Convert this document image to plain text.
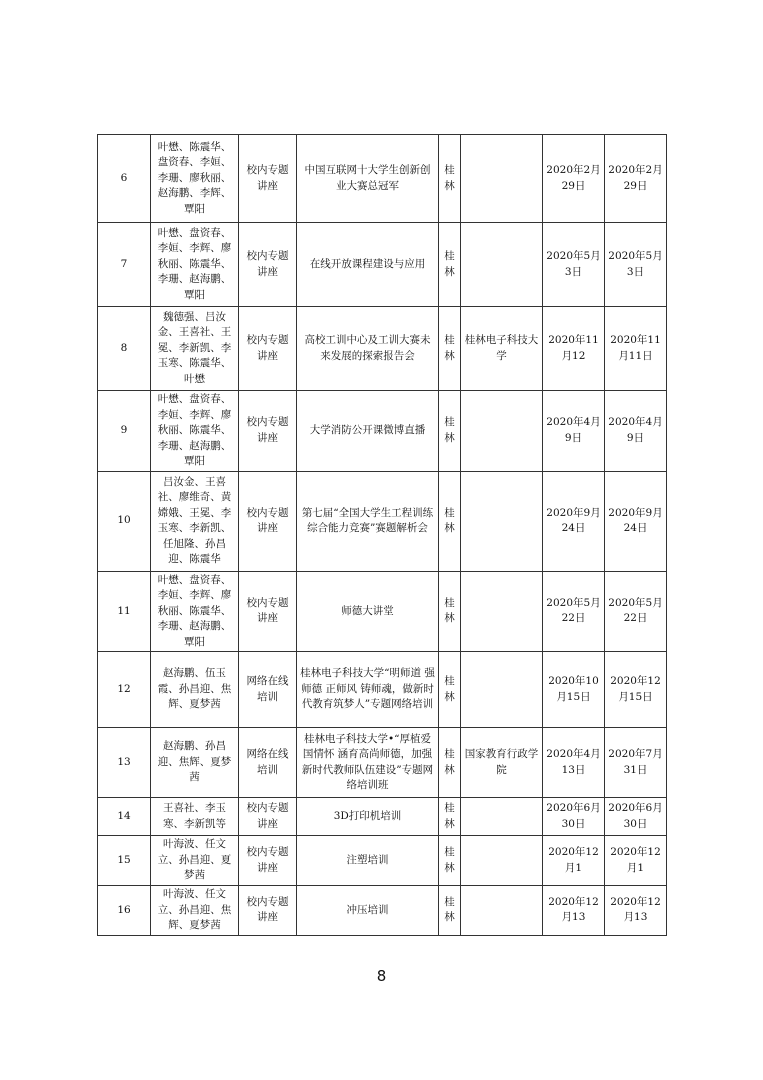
6	叶懋、陈震华、盘资春、李姮、李珊、廖秋丽、赵海鹏、李辉、覃阳	校内专题讲座	中国互联网十大学生创新创业大赛总冠军	桂林		2020年2月29日	2020年2月29日
7	叶懋、盘资春、李姮、李辉、廖秋丽、陈震华、李珊、赵海鹏、覃阳	校内专题讲座	在线开放课程建设与应用	桂林		2020年5月3日	2020年5月3日
8	魏德强、吕汝金、王喜社、王冕、李新凯、李玉寒、陈震华、叶懋	校内专题讲座	高校工训中心及工训大赛未来发展的探索报告会	桂林	桂林电子科技大学	2020年11月12	2020年11月11日
9	叶懋、盘资春、李姮、李辉、廖秋丽、陈震华、李珊、赵海鹏、覃阳	校内专题讲座	大学消防公开课微博直播	桂林		2020年4月9日	2020年4月9日
10	吕汝金、王喜社、廖维奇、黄嫦娥、王冕、李玉寒、李新凯、任旭隆、孙昌迎、陈震华	校内专题讲座	第七届“全国大学生工程训练综合能力竞赛”赛题解析会	桂林		2020年9月24日	2020年9月24日
11	叶懋、盘资春、李姮、李辉、廖秋丽、陈震华、李珊、赵海鹏、覃阳	校内专题讲座	师德大讲堂	桂林		2020年5月22日	2020年5月22日
12	赵海鹏、伍玉霞、孙昌迎、焦辉、夏梦茜	网络在线培训	桂林电子科技大学“明师道 强师德 正师风 铸师魂，做新时代教育筑梦人”专题网络培训	桂林		2020年10月15日	2020年12月15日
13	赵海鹏、孙昌迎、焦辉、夏梦茜	网络在线培训	桂林电子科技大学•“厚植爱国情怀 涵育高尚师德，加强新时代教师队伍建设”专题网络培训班	桂林	国家教育行政学院	2020年4月13日	2020年7月31日
14	王喜社、李玉寒、李新凯等	校内专题讲座	3D打印机培训	桂林		2020年6月30日	2020年6月30日
15	叶海波、任文立、孙昌迎、夏梦茜	校内专题讲座	注塑培训	桂林		2020年12月1	2020年12月1
16	叶海波、任文立、孙昌迎、焦辉、夏梦茜	校内专题讲座	冲压培训	桂林		2020年12月13	2020年12月13
8
